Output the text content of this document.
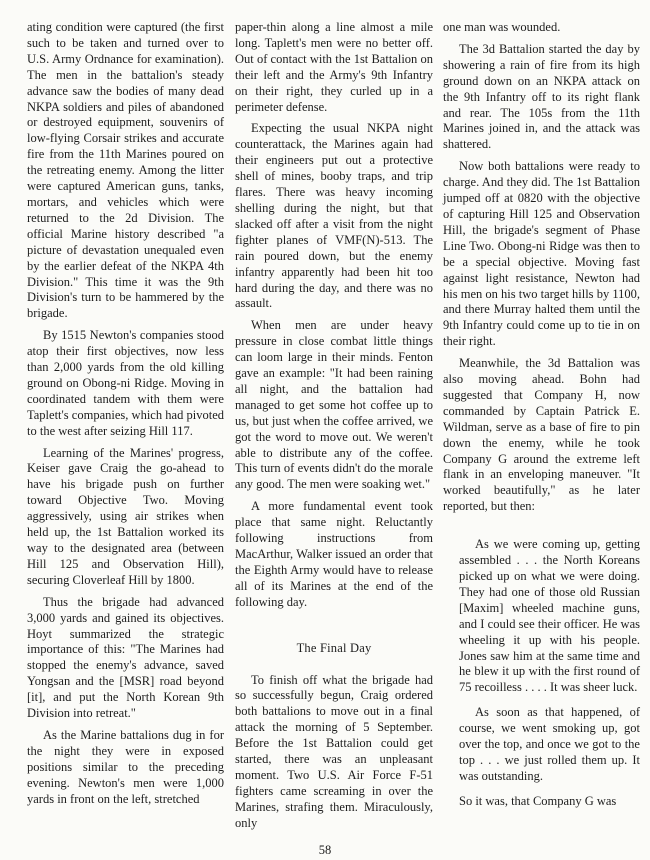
ating condition were captured (the first such to be taken and turned over to U.S. Army Ordnance for examination). The men in the battalion's steady advance saw the bodies of many dead NKPA soldiers and piles of abandoned or destroyed equipment, souvenirs of low-flying Corsair strikes and accurate fire from the 11th Marines poured on the retreating enemy. Among the litter were captured American guns, tanks, mortars, and vehicles which were returned to the 2d Division. The official Marine history described "a picture of devastation unequaled even by the earlier defeat of the NKPA 4th Division." This time it was the 9th Division's turn to be hammered by the brigade.

By 1515 Newton's companies stood atop their first objectives, now less than 2,000 yards from the old killing ground on Obong-ni Ridge. Moving in coordinated tandem with them were Taplett's companies, which had pivoted to the west after seizing Hill 117.

Learning of the Marines' progress, Keiser gave Craig the go-ahead to have his brigade push on further toward Objective Two. Moving aggressively, using air strikes when held up, the 1st Battalion worked its way to the designated area (between Hill 125 and Observation Hill), securing Cloverleaf Hill by 1800.

Thus the brigade had advanced 3,000 yards and gained its objectives. Hoyt summarized the strategic importance of this: "The Marines had stopped the enemy's advance, saved Yongsan and the [MSR] road beyond [it], and put the North Korean 9th Division into retreat."

As the Marine battalions dug in for the night they were in exposed positions similar to the preceding evening. Newton's men were 1,000 yards in front on the left, stretched

paper-thin along a line almost a mile long. Taplett's men were no better off. Out of contact with the 1st Battalion on their left and the Army's 9th Infantry on their right, they curled up in a perimeter defense.

Expecting the usual NKPA night counterattack, the Marines again had their engineers put out a protective shell of mines, booby traps, and trip flares. There was heavy incoming shelling during the night, but that slacked off after a visit from the night fighter planes of VMF(N)-513. The rain poured down, but the enemy infantry apparently had been hit too hard during the day, and there was no assault.

When men are under heavy pressure in close combat little things can loom large in their minds. Fenton gave an example: "It had been raining all night, and the battalion had managed to get some hot coffee up to us, but just when the coffee arrived, we got the word to move out. We weren't able to distribute any of the coffee. This turn of events didn't do the morale any good. The men were soaking wet."

A more fundamental event took place that same night. Reluctantly following instructions from MacArthur, Walker issued an order that the Eighth Army would have to release all of its Marines at the end of the following day.

The Final Day

To finish off what the brigade had so successfully begun, Craig ordered both battalions to move out in a final attack the morning of 5 September. Before the 1st Battalion could get started, there was an unpleasant moment. Two U.S. Air Force F-51 fighters came screaming in over the Marines, strafing them. Miraculously, only

one man was wounded.

The 3d Battalion started the day by showering a rain of fire from its high ground down on an NKPA attack on the 9th Infantry off to its right flank and rear. The 105s from the 11th Marines joined in, and the attack was shattered.

Now both battalions were ready to charge. And they did. The 1st Battalion jumped off at 0820 with the objective of capturing Hill 125 and Observation Hill, the brigade's segment of Phase Line Two. Obong-ni Ridge was then to be a special objective. Moving fast against light resistance, Newton had his men on his two target hills by 1100, and there Murray halted them until the 9th Infantry could come up to tie in on their right.

Meanwhile, the 3d Battalion was also moving ahead. Bohn had suggested that Company H, now commanded by Captain Patrick E. Wildman, serve as a base of fire to pin down the enemy, while he took Company G around the extreme left flank in an enveloping maneuver. "It worked beautifully," as he later reported, but then:

As we were coming up, getting assembled . . . the North Koreans picked up on what we were doing. They had one of those old Russian [Maxim] wheeled machine guns, and I could see their officer. He was wheeling it up with his people. Jones saw him at the same time and he blew it up with the first round of 75 recoilless . . . . It was sheer luck.

As soon as that happened, of course, we went smoking up, got over the top, and once we got to the top . . . we just rolled them up. It was outstanding.

So it was, that Company G was

58
